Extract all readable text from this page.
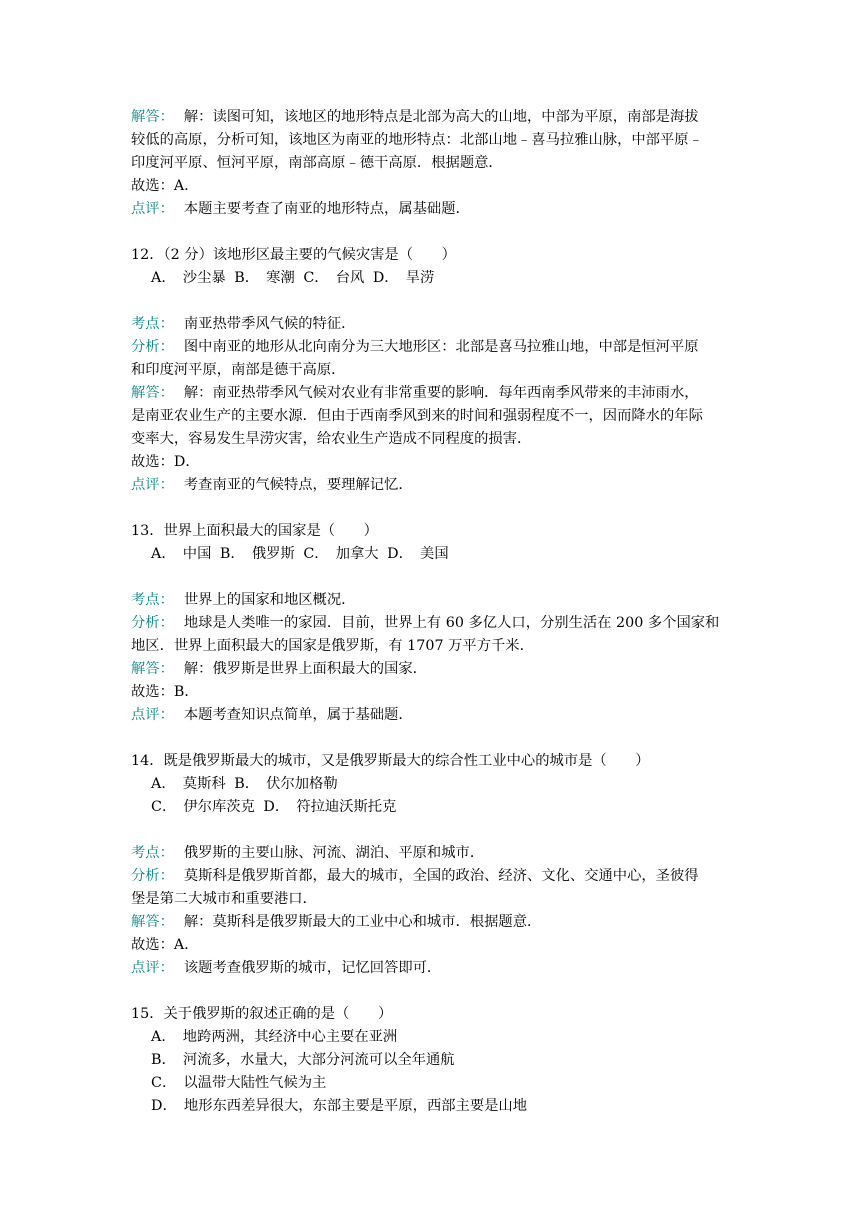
解答： 解：读图可知，该地区的地形特点是北部为高大的山地，中部为平原，南部是海拔
较低的高原，分析可知，该地区为南亚的地形特点：北部山地﹣喜马拉雅山脉，中部平原﹣
印度河平原、恒河平原，南部高原﹣德干高原．根据题意．
故选：A．
点评： 本题主要考查了南亚的地形特点，属基础题．
12．（2 分）该地形区最主要的气候灾害是（　　）
A．　沙尘暴 B．　寒潮 C．　台风 D．　旱涝
考点： 南亚热带季风气候的特征．
分析： 图中南亚的地形从北向南分为三大地形区：北部是喜马拉雅山地，中部是恒河平原
和印度河平原，南部是德干高原．
解答： 解：南亚热带季风气候对农业有非常重要的影响．每年西南季风带来的丰沛雨水，
是南亚农业生产的主要水源．但由于西南季风到来的时间和强弱程度不一，因而降水的年际
变率大，容易发生旱涝灾害，给农业生产造成不同程度的损害．
故选：D．
点评： 考查南亚的气候特点，要理解记忆．
13．世界上面积最大的国家是（　　）
A．　中国 B．　俄罗斯 C．　加拿大 D．　美国
考点： 世界上的国家和地区概况．
分析： 地球是人类唯一的家园．目前，世界上有 60 多亿人口，分别生活在 200 多个国家和
地区．世界上面积最大的国家是俄罗斯，有 1707 万平方千米．
解答： 解：俄罗斯是世界上面积最大的国家．
故选：B．
点评： 本题考查知识点简单，属于基础题．
14．既是俄罗斯最大的城市，又是俄罗斯最大的综合性工业中心的城市是（　　）
A．　莫斯科 B．　伏尔加格勒
C．　伊尔库茨克 D．　符拉迪沃斯托克
考点： 俄罗斯的主要山脉、河流、湖泊、平原和城市．
分析： 莫斯科是俄罗斯首都，最大的城市，全国的政治、经济、文化、交通中心，圣彼得
堡是第二大城市和重要港口．
解答： 解：莫斯科是俄罗斯最大的工业中心和城市．根据题意．
故选：A．
点评： 该题考查俄罗斯的城市，记忆回答即可．
15．关于俄罗斯的叙述正确的是（　　）
A．　地跨两洲，其经济中心主要在亚洲
B．　河流多，水量大，大部分河流可以全年通航
C．　以温带大陆性气候为主
D．　地形东西差异很大，东部主要是平原，西部主要是山地
